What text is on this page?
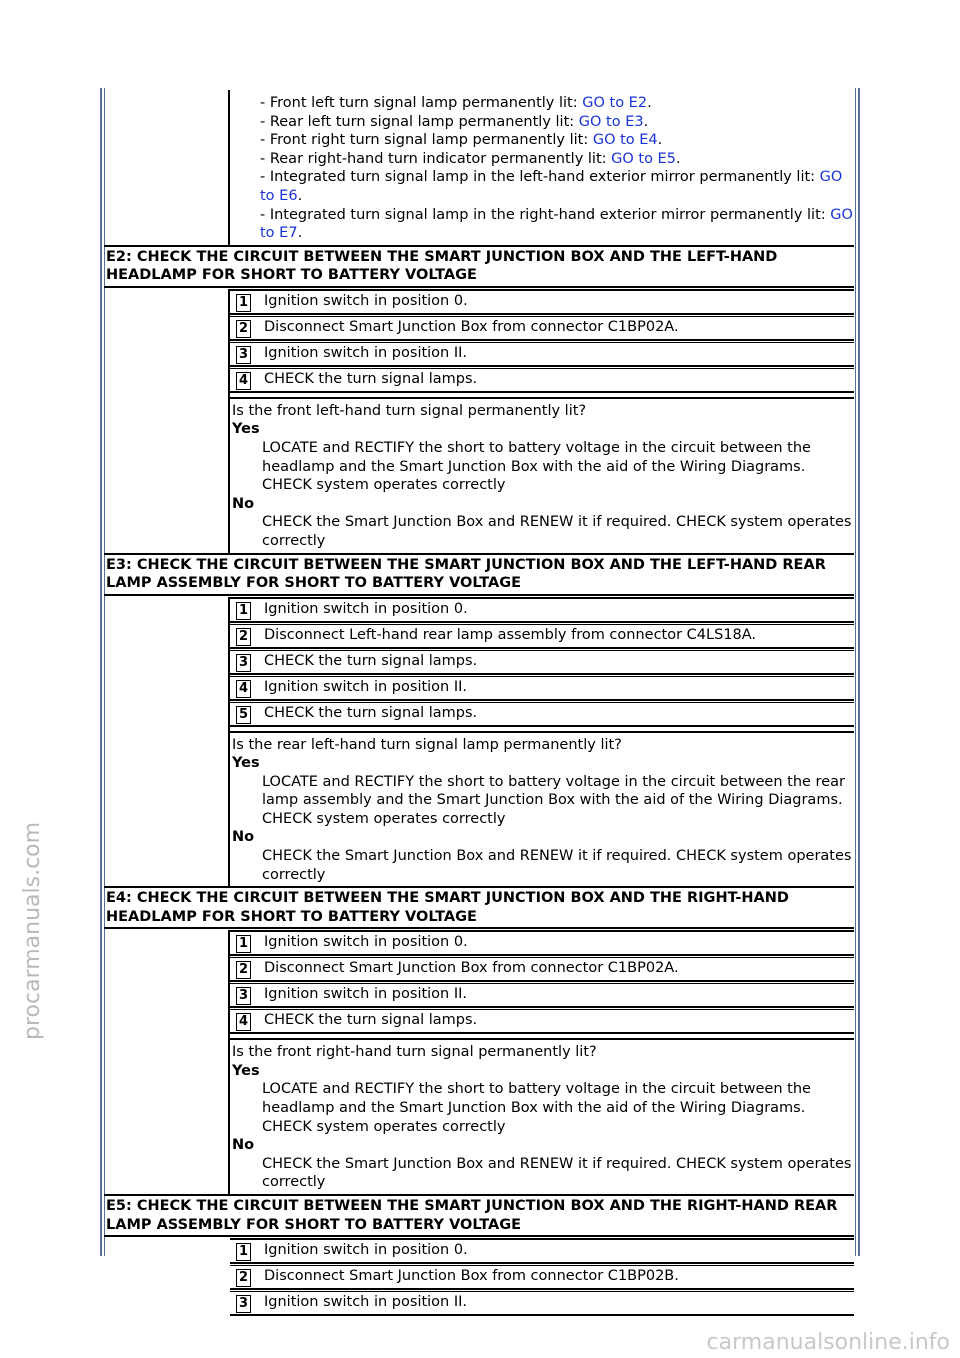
procarmanuals.com
carmanualsonline.info
- Front left turn signal lamp permanently lit: GO to E2.
- Rear left turn signal lamp permanently lit: GO to E3.
- Front right turn signal lamp permanently lit: GO to E4.
- Rear right-hand turn indicator permanently lit: GO to E5.
- Integrated turn signal lamp in the left-hand exterior mirror permanently lit: GO to E6.
- Integrated turn signal lamp in the right-hand exterior mirror permanently lit: GO to E7.
E2: CHECK THE CIRCUIT BETWEEN THE SMART JUNCTION BOX AND THE LEFT-HAND HEADLAMP FOR SHORT TO BATTERY VOLTAGE
1 Ignition switch in position 0.
2 Disconnect Smart Junction Box from connector C1BP02A.
3 Ignition switch in position II.
4 CHECK the turn signal lamps.
Is the front left-hand turn signal permanently lit?
Yes
LOCATE and RECTIFY the short to battery voltage in the circuit between the headlamp and the Smart Junction Box with the aid of the Wiring Diagrams. CHECK system operates correctly
No
CHECK the Smart Junction Box and RENEW it if required. CHECK system operates correctly
E3: CHECK THE CIRCUIT BETWEEN THE SMART JUNCTION BOX AND THE LEFT-HAND REAR LAMP ASSEMBLY FOR SHORT TO BATTERY VOLTAGE
1 Ignition switch in position 0.
2 Disconnect Left-hand rear lamp assembly from connector C4LS18A.
3 CHECK the turn signal lamps.
4 Ignition switch in position II.
5 CHECK the turn signal lamps.
Is the rear left-hand turn signal lamp permanently lit?
Yes
LOCATE and RECTIFY the short to battery voltage in the circuit between the rear lamp assembly and the Smart Junction Box with the aid of the Wiring Diagrams. CHECK system operates correctly
No
CHECK the Smart Junction Box and RENEW it if required. CHECK system operates correctly
E4: CHECK THE CIRCUIT BETWEEN THE SMART JUNCTION BOX AND THE RIGHT-HAND HEADLAMP FOR SHORT TO BATTERY VOLTAGE
1 Ignition switch in position 0.
2 Disconnect Smart Junction Box from connector C1BP02A.
3 Ignition switch in position II.
4 CHECK the turn signal lamps.
Is the front right-hand turn signal permanently lit?
Yes
LOCATE and RECTIFY the short to battery voltage in the circuit between the headlamp and the Smart Junction Box with the aid of the Wiring Diagrams. CHECK system operates correctly
No
CHECK the Smart Junction Box and RENEW it if required. CHECK system operates correctly
E5: CHECK THE CIRCUIT BETWEEN THE SMART JUNCTION BOX AND THE RIGHT-HAND REAR LAMP ASSEMBLY FOR SHORT TO BATTERY VOLTAGE
1 Ignition switch in position 0.
2 Disconnect Smart Junction Box from connector C1BP02B.
3 Ignition switch in position II.
